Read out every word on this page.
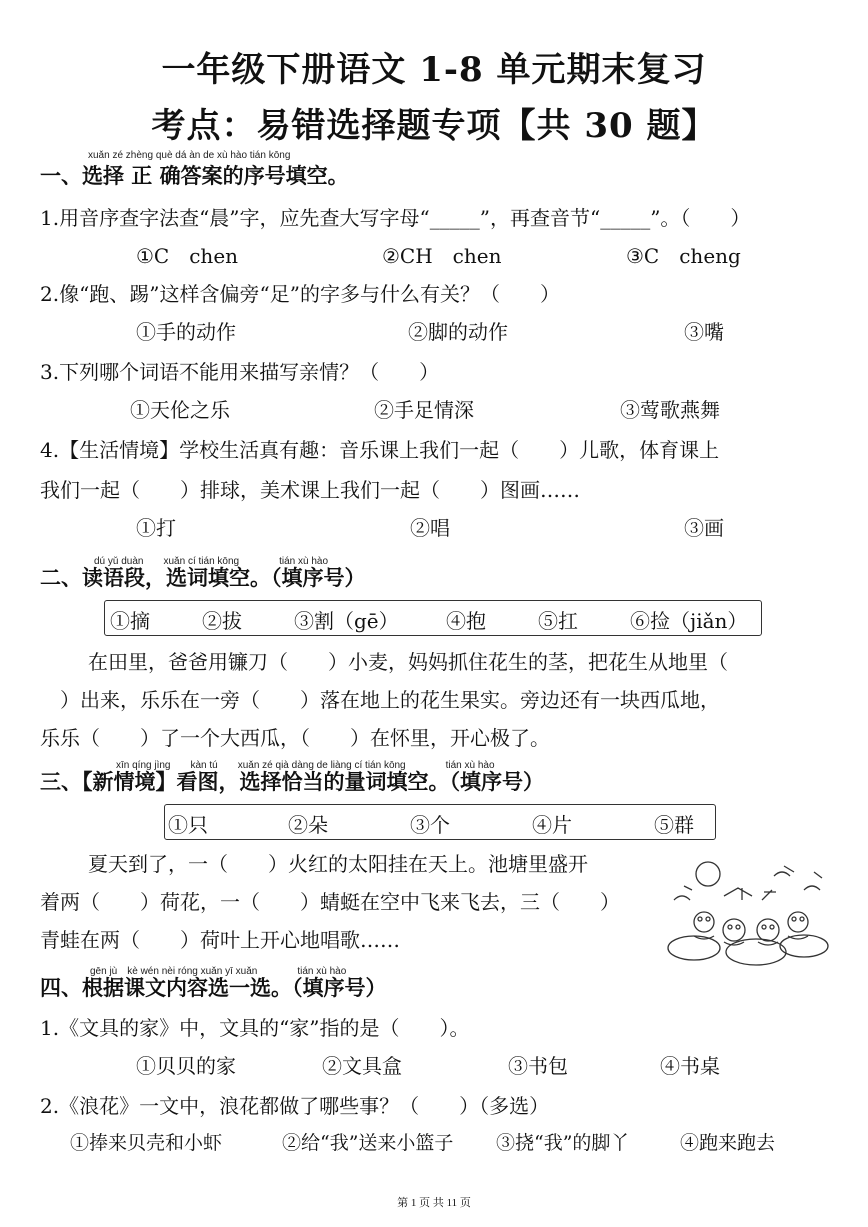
一年级下册语文 1-8 单元期末复习
考点：易错选择题专项【共 30 题】
xuǎn zé zhèng què dá àn de xù hào tián kōng
一、选择 正 确答案的序号填空。
1.用音序查字法查“晨”字，应先查大写字母“_____”，再查音节“_____”。（　　）
①C　chen	②CH　chen	③C　cheng
2.像“跑、踢”这样含偏旁“足”的字多与什么有关？（　　）
①手的动作	②脚的动作	③嘴
3.下列哪个词语不能用来描写亲情？（　　）
①天伦之乐	②手足情深	③莺歌燕舞
4.【生活情境】学校生活真有趣：音乐课上我们一起（　　）儿歌，体育课上
我们一起（　　）排球，美术课上我们一起（　　）图画……
①打	②唱	③画
dú yǔ duàn　　xuǎn cí tián kōng　　　　tián xù hào
二、读语段，选词填空。（填序号）
①摘	②拔	③割（gē） ④抱	⑤扛	⑥捡（jiǎn）
在田里，爸爸用镰刀（　　）小麦，妈妈抓住花生的茎，把花生从地里（
）出来，乐乐在一旁（　　）落在地上的花生果实。旁边还有一块西瓜地，
乐乐（　　）了一个大西瓜，（　　）在怀里，开心极了。
xīn qíng jìng　　kàn tú　　xuǎn zé qià dàng de liàng cí tián kōng　　　　tián xù hào
三、【新情境】看图，选择恰当的量词填空。（填序号）
①只	②朵	③个	④片	⑤群
夏天到了，一（　　）火红的太阳挂在天上。池塘里盛开
着两（　　）荷花，一（　　）蜻蜓在空中飞来飞去，三（　　）
青蛙在两（　　）荷叶上开心地唱歌……
gēn jù　kè wén nèi róng xuǎn yī xuǎn　　　　tián xù hào
四、根据课文内容选一选。（填序号）
1.《文具的家》中，文具的“家”指的是（　　）。
①贝贝的家	②文具盒	③书包	④书桌
2.《浪花》一文中，浪花都做了哪些事？（　　）（多选）
①捧来贝壳和小虾	②给“我”送来小篮子 ③挠“我”的脚丫	④跑来跑去
第 1 页 共 11 页
